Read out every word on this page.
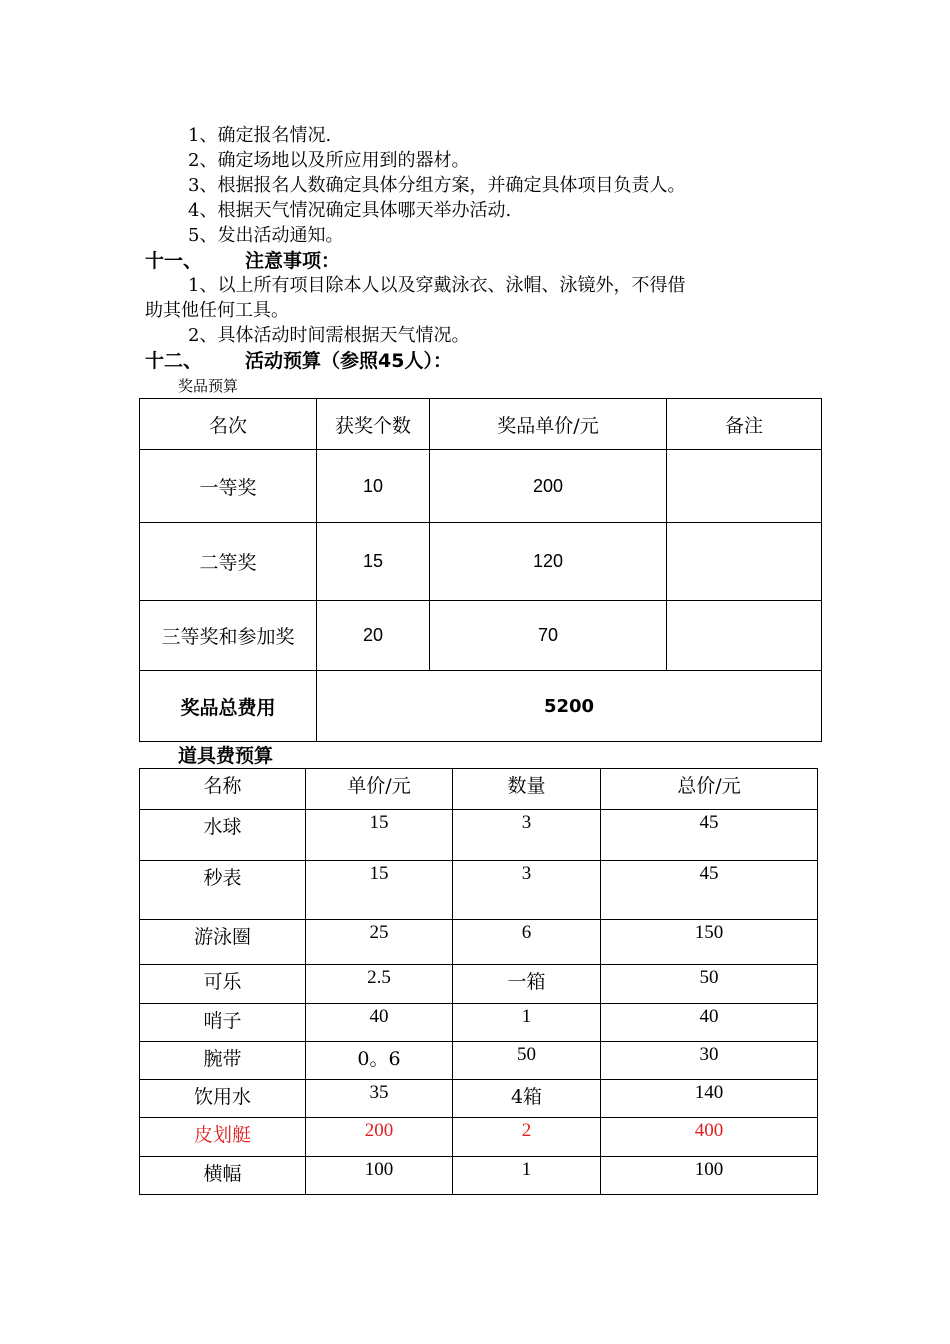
1、确定报名情况.
2、确定场地以及所应用到的器材。
3、根据报名人数确定具体分组方案，并确定具体项目负责人。
4、根据天气情况确定具体哪天举办活动.
5、发出活动通知。
十一、 注意事项：
1、以上所有项目除本人以及穿戴泳衣、泳帽、泳镜外，不得借
助其他任何工具。
2、具体活动时间需根据天气情况。
十二、 活动预算（参照45人）：
奖品预算
名次	获奖个数	奖品单价/元	备注
一等奖	10	200	
二等奖	15	120	
三等奖和参加奖	20	70	
奖品总费用	5200		
道具费预算
名称	单价/元	数量	总价/元
水球	15	3	45
秒表	15	3	45
游泳圈	25	6	150
可乐	2.5	一箱	50
哨子	40	1	40
腕带	0。6	50	30
饮用水	35	4箱	140
皮划艇	200	2	400
横幅	100	1	100
